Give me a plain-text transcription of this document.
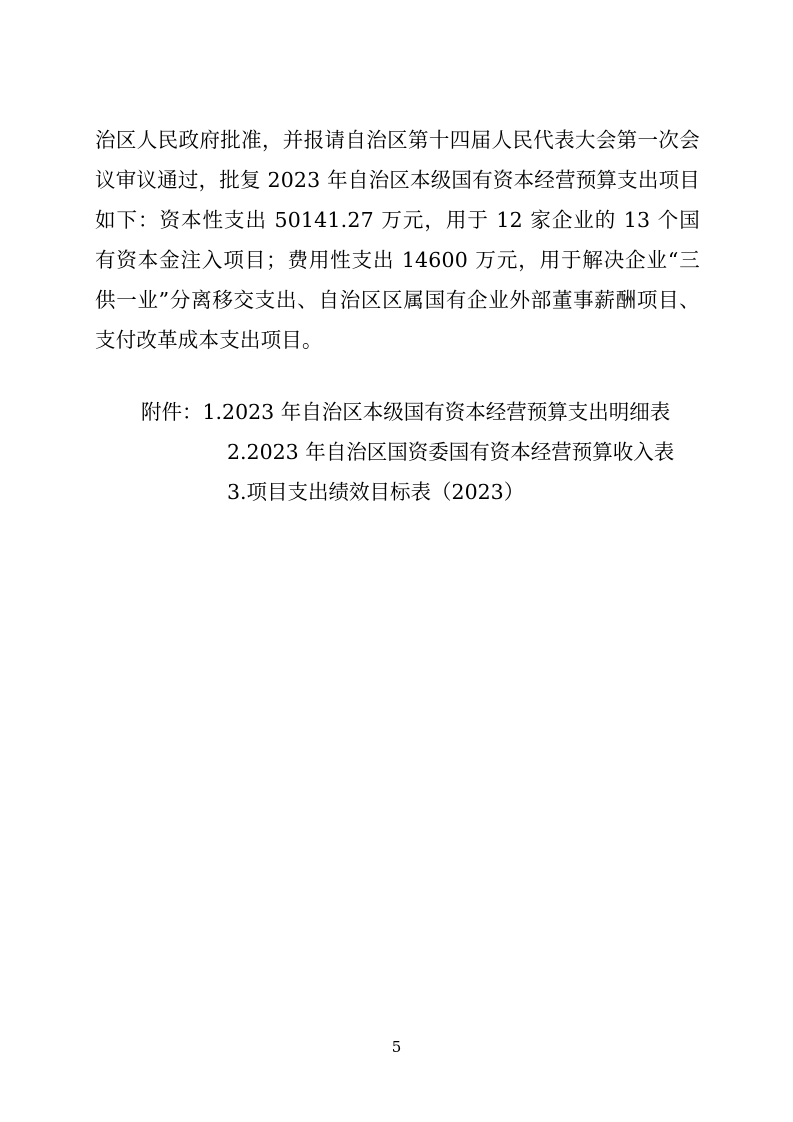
治区人民政府批准，并报请自治区第十四届人民代表大会第一次会议审议通过，批复 2023 年自治区本级国有资本经营预算支出项目如下：资本性支出 50141.27 万元，用于 12 家企业的 13 个国有资本金注入项目；费用性支出 14600 万元，用于解决企业“三供一业”分离移交支出、自治区区属国有企业外部董事薪酬项目、支付改革成本支出项目。

附件：1.2023 年自治区本级国有资本经营预算支出明细表

2.2023 年自治区国资委国有资本经营预算收入表

3.项目支出绩效目标表（2023）

5
